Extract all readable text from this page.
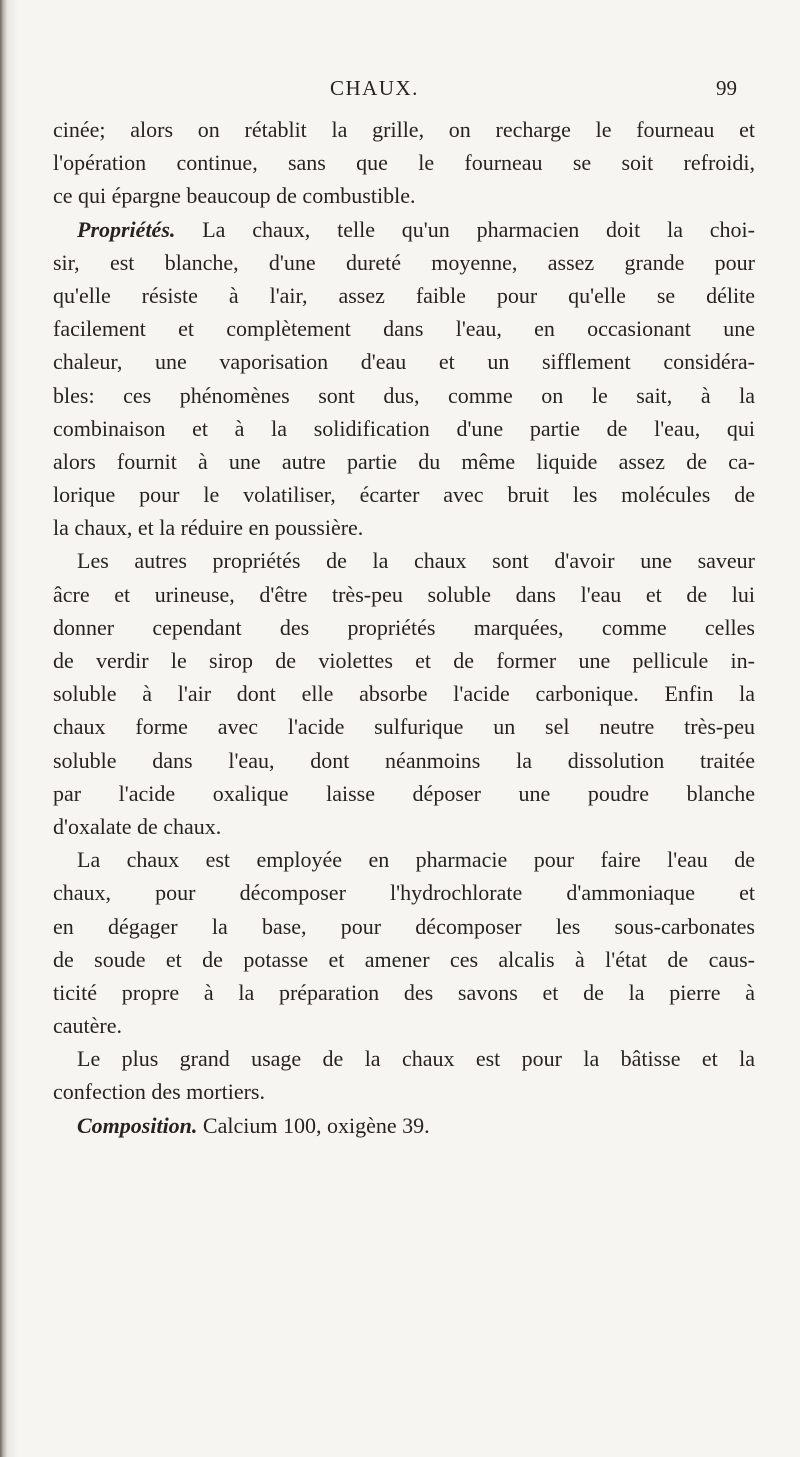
CHAUX.	99
cinée; alors on rétablit la grille, on recharge le fourneau et
l'opération continue, sans que le fourneau se soit refroidi,
ce qui épargne beaucoup de combustible.
Propriétés. La chaux, telle qu'un pharmacien doit la choi-
sir, est blanche, d'une dureté moyenne, assez grande pour
qu'elle résiste à l'air, assez faible pour qu'elle se délite
facilement et complètement dans l'eau, en occasionant une
chaleur, une vaporisation d'eau et un sifflement considéra-
bles: ces phénomènes sont dus, comme on le sait, à la
combinaison et à la solidification d'une partie de l'eau, qui
alors fournit à une autre partie du même liquide assez de ca-
lorique pour le volatiliser, écarter avec bruit les molécules de
la chaux, et la réduire en poussière.
Les autres propriétés de la chaux sont d'avoir une saveur
âcre et urineuse, d'être très-peu soluble dans l'eau et de lui
donner cependant des propriétés marquées, comme celles
de verdir le sirop de violettes et de former une pellicule in-
soluble à l'air dont elle absorbe l'acide carbonique. Enfin la
chaux forme avec l'acide sulfurique un sel neutre très-peu
soluble dans l'eau, dont néanmoins la dissolution traitée
par l'acide oxalique laisse déposer une poudre blanche
d'oxalate de chaux.
La chaux est employée en pharmacie pour faire l'eau de
chaux, pour décomposer l'hydrochlorate d'ammoniaque et
en dégager la base, pour décomposer les sous-carbonates
de soude et de potasse et amener ces alcalis à l'état de caus-
ticité propre à la préparation des savons et de la pierre à
cautère.
Le plus grand usage de la chaux est pour la bâtisse et la
confection des mortiers.
Composition. Calcium 100, oxigène 39.
